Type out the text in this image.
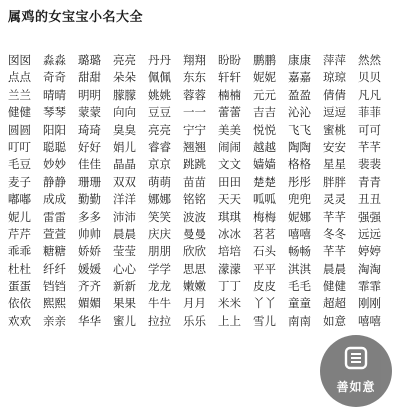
属鸡的女宝宝小名大全
囡囡	淼淼	璐璐	亮亮	丹丹	翔翔	盼盼	鹏鹏	康康	萍萍	然然
点点	奇奇	甜甜	朵朵	佩佩	东东	轩轩	妮妮	嘉嘉	琼琼	贝贝
兰兰	晴晴	明明	朦朦	姚姚	蓉蓉	楠楠	元元	盈盈	倩倩	凡凡
健健	琴琴	蒙蒙	向向	豆豆	一一	蕾蕾	吉吉	沁沁	逗逗	菲菲
圆圆	阳阳	琦琦	臭臭	亮亮	宁宁	美美	悦悦	飞飞	蜜桃	可可
叮叮	聪聪	好好	娟儿	睿睿	翘翘	闹闹	越越	陶陶	安安	芊芊
毛豆	妙妙	佳佳	晶晶	京京	跳跳	文文	嫱嫱	格格	星星	裴裴
麦子	静静	珊珊	双双	萌萌	苗苗	田田	楚楚	彤彤	胖胖	青青
嘟嘟	成成	勤勤	洋洋	娜娜	铭铭	天天	呱呱	兜兜	灵灵	丑丑
妮儿	雷雷	多多	沛沛	笑笑	波波	琪琪	梅梅	妮娜	芊芊	强强
芹芹	萱萱	帅帅	晨晨	庆庆	曼曼	冰冰	茗茗	嘻嘻	冬冬	远远
乖乖	糖糖	娇娇	莹莹	朋朋	欣欣	培培	石头	畅畅	芊芊	婷婷
杜杜	纤纤	媛媛	心心	学学	思思	濛濛	平平	淇淇	晨晨	淘淘
蛋蛋	铛铛	齐齐	新新	龙龙	嫩嫩	丁丁	皮皮	毛毛	健健	霏霏
依依	熙熙	媚媚	果果	牛牛	月月	米米	丫丫	童童	超超	刚刚
欢欢	亲亲	华华	蜜儿	拉拉	乐乐	上上	雪儿	南南	如意	嘻嘻
善如意
